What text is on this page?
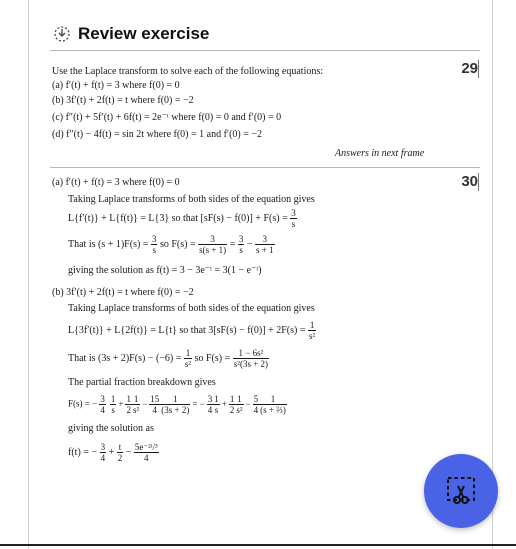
Review exercise
29
Use the Laplace transform to solve each of the following equations:
(a) f′(t) + f(t) = 3 where f(0) = 0
(b) 3f′(t) + 2f(t) = t where f(0) = −2
(c) f″(t) + 5f′(t) + 6f(t) = 2e⁻ᵗ where f(0) = 0 and f′(0) = 0
(d) f″(t) − 4f(t) = sin 2t where f(0) = 1 and f′(0) = −2
Answers in next frame
30
(a) f′(t) + f(t) = 3 where f(0) = 0
Taking Laplace transforms of both sides of the equation gives
L{f′(t)} + L{f(t)} = L{3} so that $[sF(s) - f(0)] + F(s) = \frac{3}{s}$
That is $(s + 1)F(s) = \frac{3}{s}$ so $F(s) = \frac{3}{s(s + 1)} = \frac{3}{s} - \frac{3}{s + 1}$
giving the solution as f(t) = 3 − 3e⁻ᵗ = 3(1 − e⁻ᵗ)
(b) 3f′(t) + 2f(t) = t where f(0) = −2
Taking Laplace transforms of both sides of the equation gives
L{3f′(t)} + L{2f(t)} = L{t} so that $3[sF(s) - f(0)] + 2F(s) = \frac{1}{\text{s²}}$
That is $(3s + 2)F(s) - (-6) = \frac{1}{\text{s²}}$ so $F(s) = \frac{\text{1 − 6s²}}{\text{s²(3s + 2)}}$
The partial fraction breakdown gives
F(s) = − $\frac{3}{4} \frac{1}{s} + \frac{1}{2} \frac{1}{\text{s²}} - \frac{15}{4} \frac{1}{(3s + 2)}$ = − $\frac{3}{4} \frac{1}{s} + \frac{1}{2} \frac{1}{\text{s²}} - \frac{5}{4} \frac{1}{\text{(s + ⅔)}}$
giving the solution as
f(t) = − $\frac{3}{4} + \frac{t}{2} - \frac{\text{5e⁻²ᵗ/³}}{4}$
